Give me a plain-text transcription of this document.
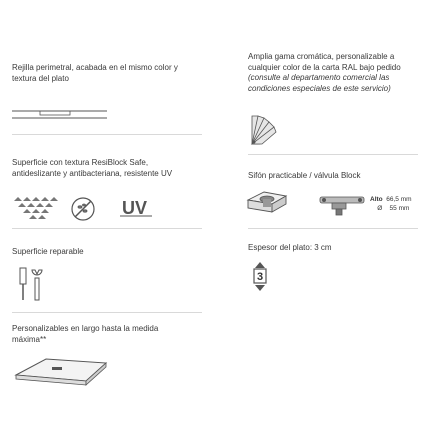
Rejilla perimetral, acabada en el mismo color y
textura del plato
Superficie con textura ResiBlock Safe,
antideslizante y antibacteriana, resistente UV
UV
Superficie reparable
Personalizables en largo hasta la medida
máxima**
Amplia gama cromática, personalizable a
cualquier color de la carta RAL bajo pedido
(consulte al departamento comercial las
condiciones especiales de este servicio)
Sifón practicable / válvula Block
Alto 66,5 mm
Ø 55 mm
Espesor del plato: 3 cm
3
